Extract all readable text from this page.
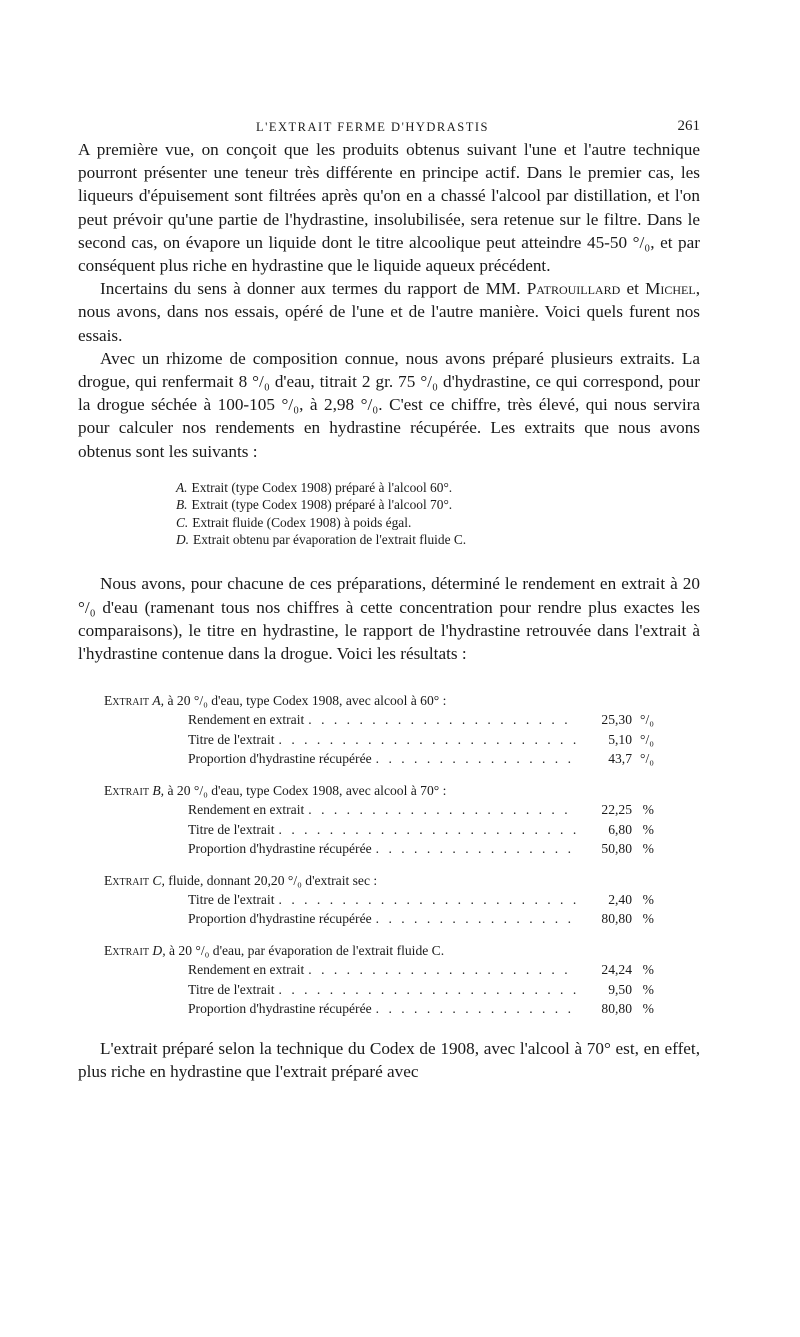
L'EXTRAIT FERME D'HYDRASTIS	261

A première vue, on conçoit que les produits obtenus suivant l'une et l'autre technique pourront présenter une teneur très différente en principe actif. Dans le premier cas, les liqueurs d'épuisement sont filtrées après qu'on en a chassé l'alcool par distillation, et l'on peut prévoir qu'une partie de l'hydrastine, insolubilisée, sera retenue sur le filtre. Dans le second cas, on évapore un liquide dont le titre alcoolique peut atteindre 45-50 °/₀, et par conséquent plus riche en hydrastine que le liquide aqueux précédent.

Incertains du sens à donner aux termes du rapport de MM. Patrouillard et Michel, nous avons, dans nos essais, opéré de l'une et de l'autre manière. Voici quels furent nos essais.

Avec un rhizome de composition connue, nous avons préparé plusieurs extraits. La drogue, qui renfermait 8 °/₀ d'eau, titrait 2 gr. 75 °/₀ d'hydrastine, ce qui correspond, pour la drogue séchée à 100-105 °/₀, à 2,98 °/₀. C'est ce chiffre, très élevé, qui nous servira pour calculer nos rendements en hydrastine récupérée. Les extraits que nous avons obtenus sont les suivants :

A. Extrait (type Codex 1908) préparé à l'alcool 60°.
B. Extrait (type Codex 1908) préparé à l'alcool 70°.
C. Extrait fluide (Codex 1908) à poids égal.
D. Extrait obtenu par évaporation de l'extrait fluide C.

Nous avons, pour chacune de ces préparations, déterminé le rendement en extrait à 20 °/₀ d'eau (ramenant tous nos chiffres à cette concentration pour rendre plus exactes les comparaisons), le titre en hydrastine, le rapport de l'hydrastine retrouvée dans l'extrait à l'hydrastine contenue dans la drogue. Voici les résultats :

Extrait A, à 20 °/₀ d'eau, type Codex 1908, avec alcool à 60° :
Rendement en extrait . . .	25,30 °/₀
Titre de l'extrait . . .	5,10 °/₀
Proportion d'hydrastine récupérée . . .	43,7 °/₀
Extrait B, à 20 °/₀ d'eau, type Codex 1908, avec alcool à 70° :
Rendement en extrait . . .	22,25 %
Titre de l'extrait . . .	6,80 %
Proportion d'hydrastine récupérée . . .	50,80 %
Extrait C, fluide, donnant 20,20 °/₀ d'extrait sec :
Titre de l'extrait . . .	2,40 %
Proportion d'hydrastine récupérée . . .	80,80 %
Extrait D, à 20 °/₀ d'eau, par évaporation de l'extrait fluide C.
Rendement en extrait . . .	24,24 %
Titre de l'extrait . . .	9,50 %
Proportion d'hydrastine récupérée . . .	80,80 %

L'extrait préparé selon la technique du Codex de 1908, avec l'alcool à 70° est, en effet, plus riche en hydrastine que l'extrait préparé avec
